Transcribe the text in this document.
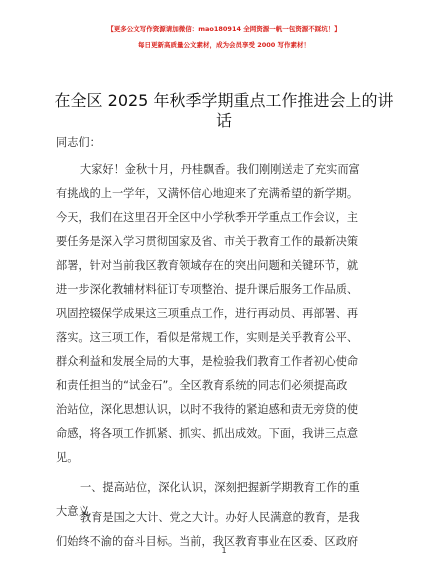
【更多公文写作资源请加微信：mao180914 全网资源一帆一包资源不踩坑！】
每日更新高质量公文素材，成为会员享受 2000 写作素材！
在全区 2025 年秋季学期重点工作推进会上的讲
话
同志们：
大家好！金秋十月，丹桂飘香。我们刚刚送走了充实而富
有挑战的上一学年，又满怀信心地迎来了充满希望的新学期。
今天，我们在这里召开全区中小学秋季开学重点工作会议，主
要任务是深入学习贯彻国家及省、市关于教育工作的最新决策
部署，针对当前我区教育领域存在的突出问题和关键环节，就
进一步深化教辅材料征订专项整治、提升课后服务工作品质、
巩固控辍保学成果这三项重点工作，进行再动员、再部署、再
落实。这三项工作，看似是常规工作，实则是关乎教育公平、
群众利益和发展全局的大事，是检验我们教育工作者初心使命
和责任担当的“试金石”。全区教育系统的同志们必须提高政
治站位，深化思想认识，以时不我待的紧迫感和责无旁贷的使
命感，将各项工作抓紧、抓实、抓出成效。下面，我讲三点意
见。
一、提高站位，深化认识，深刻把握新学期教育工作的重
大意义
教育是国之大计、党之大计。办好人民满意的教育，是我
们始终不渝的奋斗目标。当前，我区教育事业在区委、区政府
1
